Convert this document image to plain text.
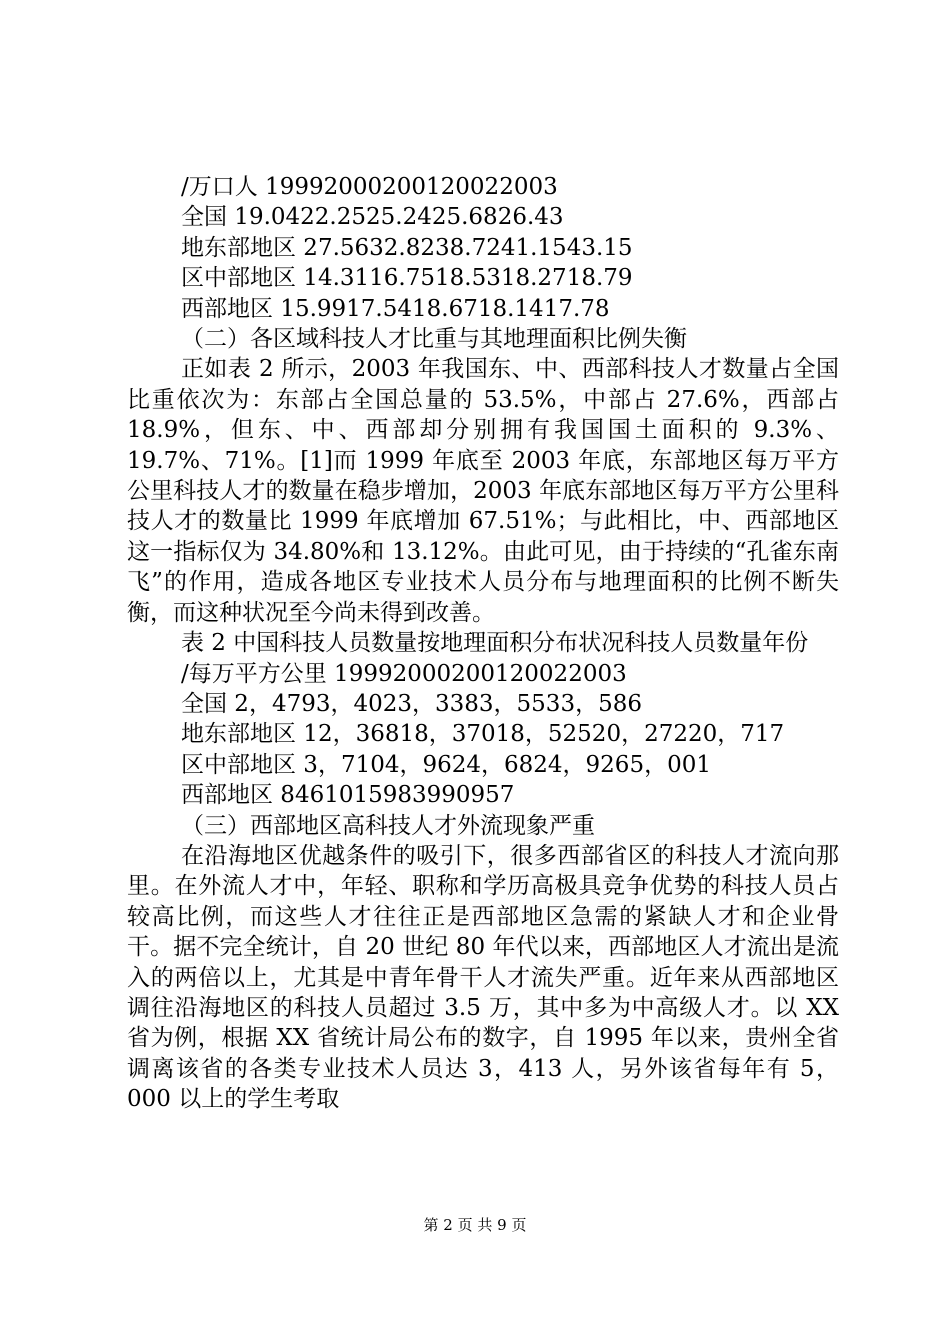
/万口人 19992000200120022003

全国 19.0422.2525.2425.6826.43

地东部地区 27.5632.8238.7241.1543.15

区中部地区 14.3116.7518.5318.2718.79

西部地区 15.9917.5418.6718.1417.78

（二）各区域科技人才比重与其地理面积比例失衡

正如表 2 所示，2003 年我国东、中、西部科技人才数量占全国比重依次为：东部占全国总量的 53.5%，中部占 27.6%，西部占 18.9%，但东、中、西部却分别拥有我国国土面积的 9.3%、19.7%、71%。[1]而 1999 年底至 2003 年底，东部地区每万平方公里科技人才的数量在稳步增加，2003 年底东部地区每万平方公里科技人才的数量比 1999 年底增加 67.51%；与此相比，中、西部地区这一指标仅为 34.80%和 13.12%。由此可见，由于持续的“孔雀东南飞”的作用，造成各地区专业技术人员分布与地理面积的比例不断失衡，而这种状况至今尚未得到改善。

表 2 中国科技人员数量按地理面积分布状况科技人员数量年份

/每万平方公里 19992000200120022003

全国 2，4793，4023，3383，5533，586

地东部地区 12，36818，37018，52520，27220，717

区中部地区 3，7104，9624，6824，9265，001

西部地区 8461015983990957

（三）西部地区高科技人才外流现象严重

在沿海地区优越条件的吸引下，很多西部省区的科技人才流向那里。在外流人才中，年轻、职称和学历高极具竞争优势的科技人员占较高比例，而这些人才往往正是西部地区急需的紧缺人才和企业骨干。据不完全统计，自 20 世纪 80 年代以来，西部地区人才流出是流入的两倍以上，尤其是中青年骨干人才流失严重。近年来从西部地区调往沿海地区的科技人员超过 3.5 万，其中多为中高级人才。以 XX 省为例，根据 XX 省统计局公布的数字，自 1995 年以来，贵州全省调离该省的各类专业技术人员达 3，413 人，另外该省每年有 5，000 以上的学生考取

第 2 页 共 9 页
